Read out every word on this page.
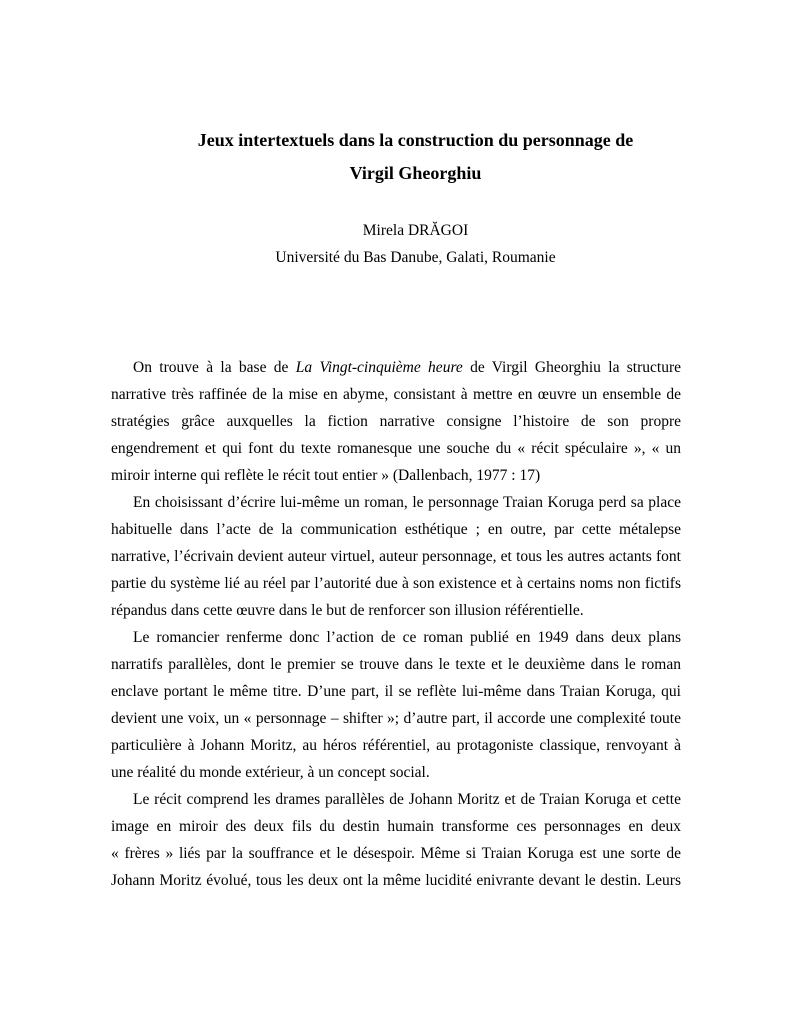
Jeux intertextuels dans la construction du personnage de
Virgil Gheorghiu

Mirela DRĂGOI

Université du Bas Danube, Galati, Roumanie

On trouve à la base de La Vingt-cinquième heure de Virgil Gheorghiu la structure
narrative très raffinée de la mise en abyme, consistant à mettre en œuvre un ensemble de
stratégies grâce auxquelles la fiction narrative consigne l’histoire de son propre
engendrement et qui font du texte romanesque une souche du « récit spéculaire », « un
miroir interne qui reflète le récit tout entier » (Dallenbach, 1977 : 17)
En choisissant d’écrire lui-même un roman, le personnage Traian Koruga perd sa place
habituelle dans l’acte de la communication esthétique ; en outre, par cette métalepse
narrative, l’écrivain devient auteur virtuel, auteur personnage, et tous les autres actants font
partie du système lié au réel par l’autorité due à son existence et à certains noms non fictifs
répandus dans cette œuvre dans le but de renforcer son illusion référentielle.
Le romancier renferme donc l’action de ce roman publié en 1949 dans deux plans
narratifs parallèles, dont le premier se trouve dans le texte et le deuxième dans le roman
enclave portant le même titre. D’une part, il se reflète lui-même dans Traian Koruga, qui
devient une voix, un « personnage – shifter »; d’autre part, il accorde une complexité toute
particulière à Johann Moritz, au héros référentiel, au protagoniste classique, renvoyant à
une réalité du monde extérieur, à un concept social.
Le récit comprend les drames parallèles de Johann Moritz et de Traian Koruga et cette
image en miroir des deux fils du destin humain transforme ces personnages en deux
« frères » liés par la souffrance et le désespoir. Même si Traian Koruga est une sorte de
Johann Moritz évolué, tous les deux ont la même lucidité enivrante devant le destin. Leurs
